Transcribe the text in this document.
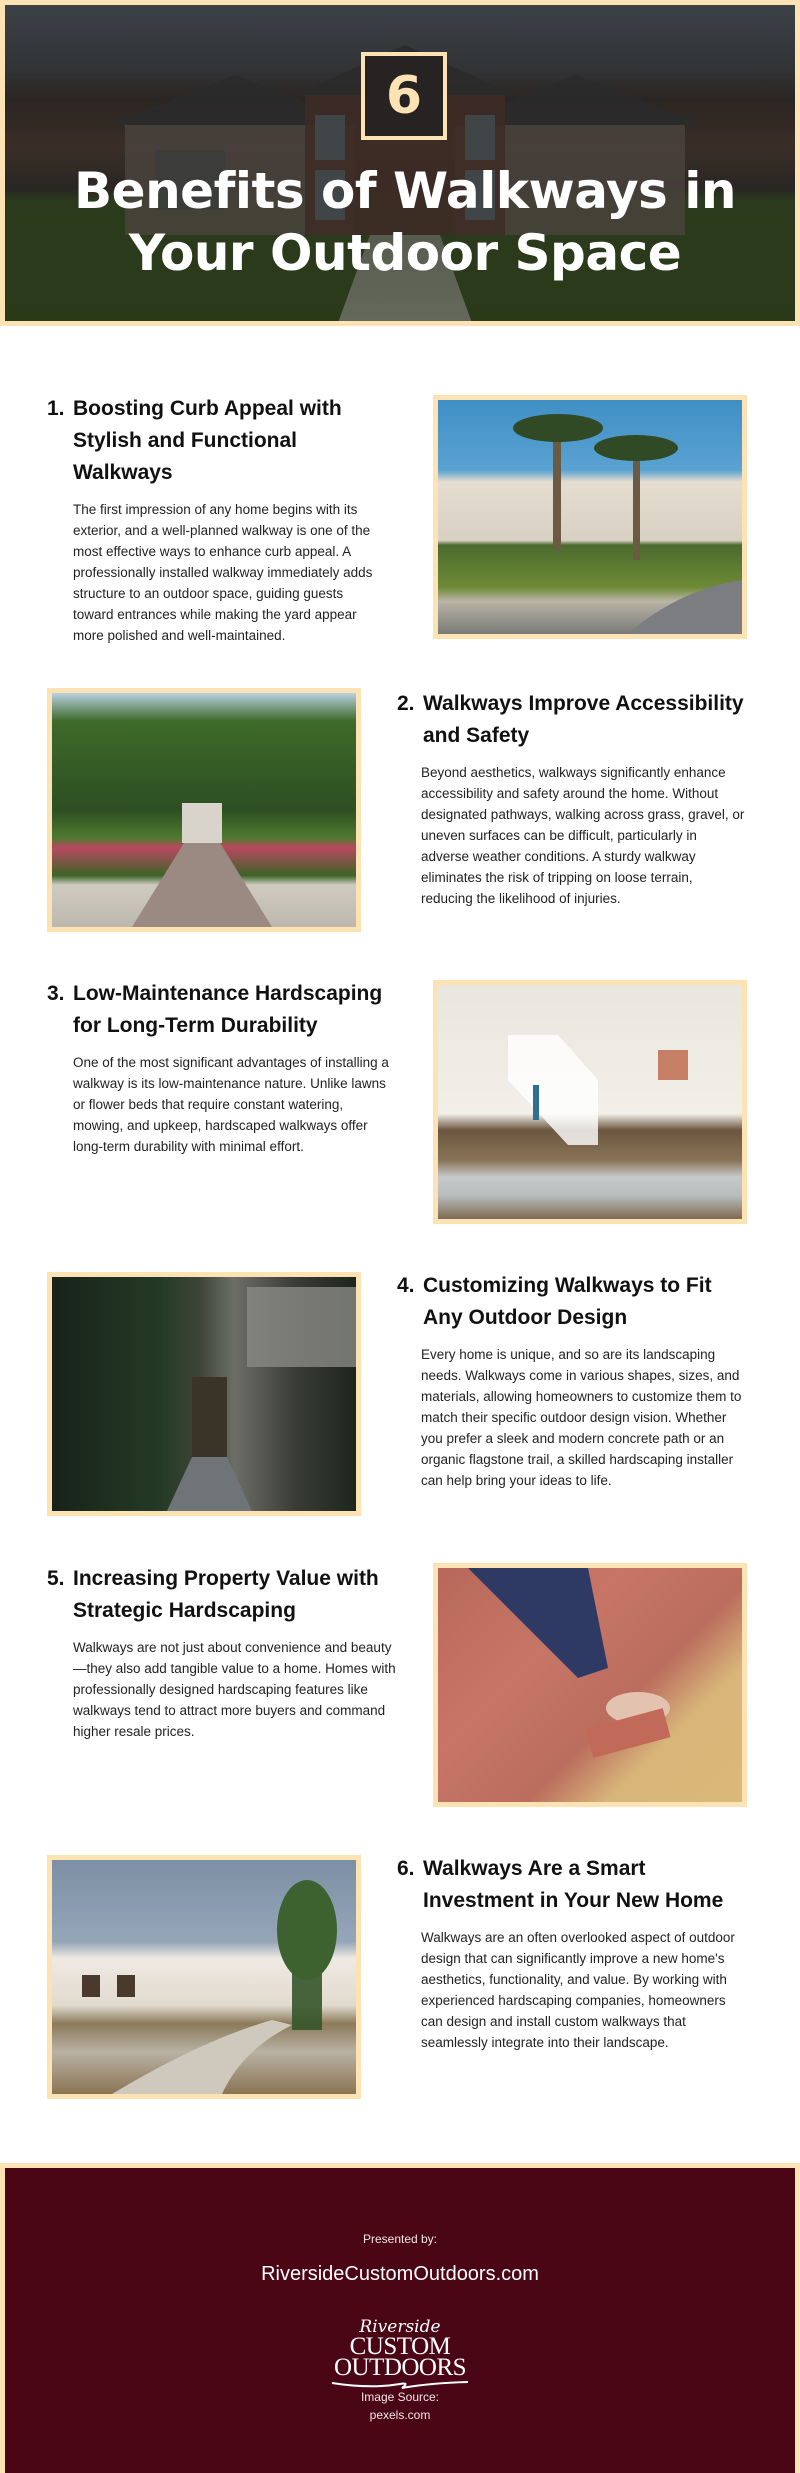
6
Benefits of Walkways in
Your Outdoor Space
1. Boosting Curb Appeal with Stylish and Functional Walkways
The first impression of any home begins with its exterior, and a well-planned walkway is one of the most effective ways to enhance curb appeal. A professionally installed walkway immediately adds structure to an outdoor space, guiding guests toward entrances while making the yard appear more polished and well-maintained.
2. Walkways Improve Accessibility and Safety
Beyond aesthetics, walkways significantly enhance accessibility and safety around the home. Without designated pathways, walking across grass, gravel, or uneven surfaces can be difficult, particularly in adverse weather conditions. A sturdy walkway eliminates the risk of tripping on loose terrain, reducing the likelihood of injuries.
3. Low-Maintenance Hardscaping for Long-Term Durability
One of the most significant advantages of installing a walkway is its low-maintenance nature. Unlike lawns or flower beds that require constant watering, mowing, and upkeep, hardscaped walkways offer long-term durability with minimal effort.
4. Customizing Walkways to Fit Any Outdoor Design
Every home is unique, and so are its landscaping needs. Walkways come in various shapes, sizes, and materials, allowing homeowners to customize them to match their specific outdoor design vision. Whether you prefer a sleek and modern concrete path or an organic flagstone trail, a skilled hardscaping installer can help bring your ideas to life.
5. Increasing Property Value with Strategic Hardscaping
Walkways are not just about convenience and beauty—they also add tangible value to a home. Homes with professionally designed hardscaping features like walkways tend to attract more buyers and command higher resale prices.
6. Walkways Are a Smart Investment in Your New Home
Walkways are an often overlooked aspect of outdoor design that can significantly improve a new home's aesthetics, functionality, and value. By working with experienced hardscaping companies, homeowners can design and install custom walkways that seamlessly integrate into their landscape.
Presented by:
RiversideCustomOutdoors.com
Riverside
CUSTOM
OUTDOORS
Image Source:
pexels.com
